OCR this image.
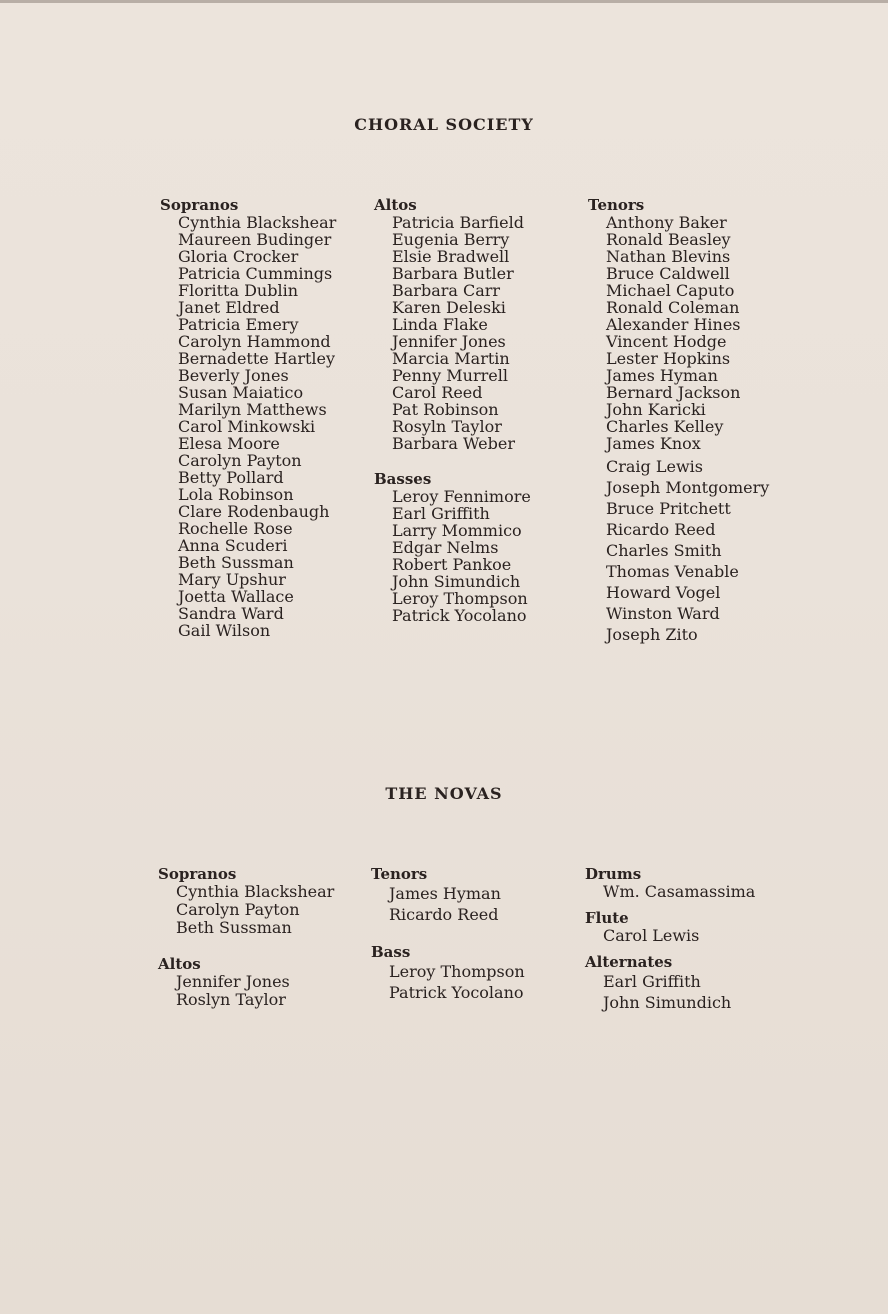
CHORAL SOCIETY
Sopranos
Cynthia Blackshear
Maureen Budinger
Gloria Crocker
Patricia Cummings
Floritta Dublin
Janet Eldred
Patricia Emery
Carolyn Hammond
Bernadette Hartley
Beverly Jones
Susan Maiatico
Marilyn Matthews
Carol Minkowski
Elesa Moore
Carolyn Payton
Betty Pollard
Lola Robinson
Clare Rodenbaugh
Rochelle Rose
Anna Scuderi
Beth Sussman
Mary Upshur
Joetta Wallace
Sandra Ward
Gail Wilson
Altos
Patricia Barfield
Eugenia Berry
Elsie Bradwell
Barbara Butler
Barbara Carr
Karen Deleski
Linda Flake
Jennifer Jones
Marcia Martin
Penny Murrell
Carol Reed
Pat Robinson
Rosyln Taylor
Barbara Weber
Basses
Leroy Fennimore
Earl Griffith
Larry Mommico
Edgar Nelms
Robert Pankoe
John Simundich
Leroy Thompson
Patrick Yocolano
Tenors
Anthony Baker
Ronald Beasley
Nathan Blevins
Bruce Caldwell
Michael Caputo
Ronald Coleman
Alexander Hines
Vincent Hodge
Lester Hopkins
James Hyman
Bernard Jackson
John Karicki
Charles Kelley
James Knox
Craig Lewis
Joseph Montgomery
Bruce Pritchett
Ricardo Reed
Charles Smith
Thomas Venable
Howard Vogel
Winston Ward
Joseph Zito
THE NOVAS
Sopranos
Cynthia Blackshear
Carolyn Payton
Beth Sussman
Altos
Jennifer Jones
Roslyn Taylor
Tenors
James Hyman
Ricardo Reed
Bass
Leroy Thompson
Patrick Yocolano
Drums
Wm. Casamassima
Flute
Carol Lewis
Alternates
Earl Griffith
John Simundich
